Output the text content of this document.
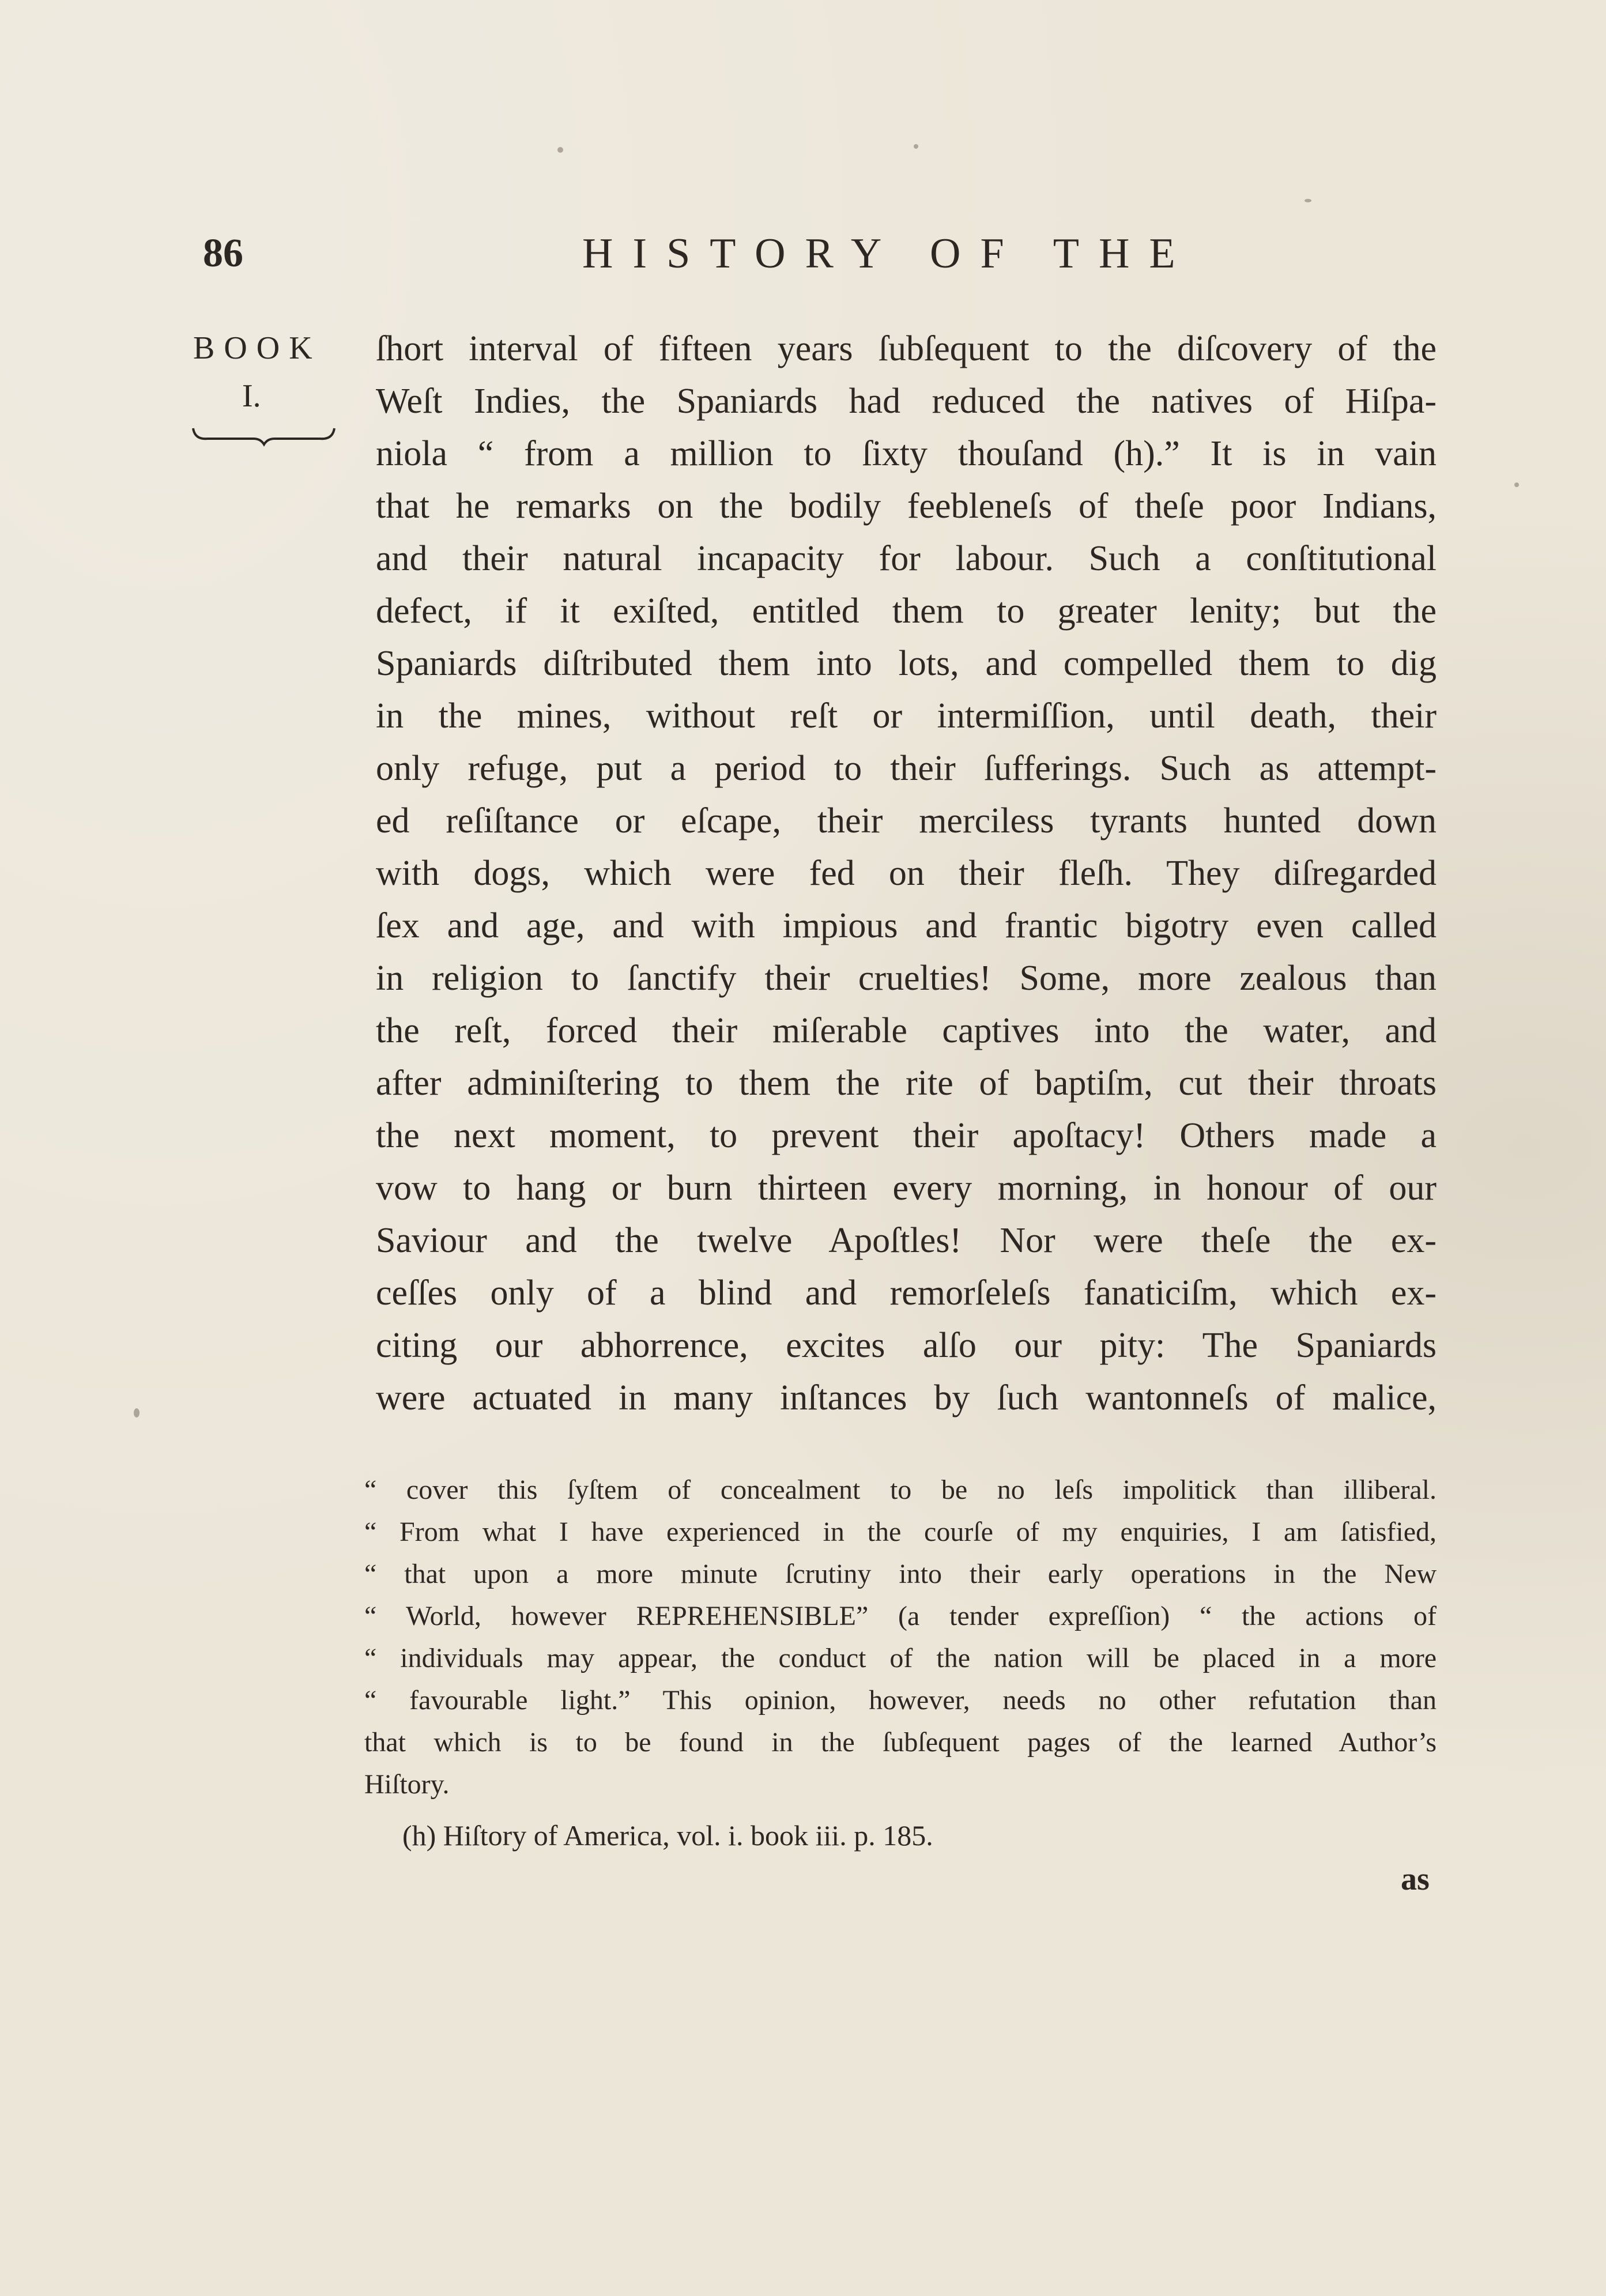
86	HISTORY OF THE
BOOK
I.
ſhort interval of fifteen years ſubſequent to the diſcovery of the
Weſt Indies, the Spaniards had reduced the natives of Hiſpa-
niola “ from a million to ſixty thouſand (h).” It is in vain
that he remarks on the bodily feebleneſs of theſe poor Indians,
and their natural incapacity for labour. Such a conſtitutional
defect, if it exiſted, entitled them to greater lenity; but the
Spaniards diſtributed them into lots, and compelled them to dig
in the mines, without reſt or intermiſſion, until death, their
only refuge, put a period to their ſufferings. Such as attempt-
ed reſiſtance or eſcape, their merciless tyrants hunted down
with dogs, which were fed on their fleſh. They diſregarded
ſex and age, and with impious and frantic bigotry even called
in religion to ſanctify their cruelties! Some, more zealous than
the reſt, forced their miſerable captives into the water, and
after adminiſtering to them the rite of baptiſm, cut their throats
the next moment, to prevent their apoſtacy! Others made a
vow to hang or burn thirteen every morning, in honour of our
Saviour and the twelve Apoſtles! Nor were theſe the ex-
ceſſes only of a blind and remorſeleſs fanaticiſm, which ex-
citing our abhorrence, excites alſo our pity: The Spaniards
were actuated in many inſtances by ſuch wantonneſs of malice,
“ cover this ſyſtem of concealment to be no leſs impolitick than illiberal.
“ From what I have experienced in the courſe of my enquiries, I am ſatisfied,
“ that upon a more minute ſcrutiny into their early operations in the New
“ World, however REPREHENSIBLE” (a tender expreſſion) “ the actions of
“ individuals may appear, the conduct of the nation will be placed in a more
“ favourable light.” This opinion, however, needs no other refutation than
that which is to be found in the ſubſequent pages of the learned Author’s
Hiſtory.
(h) Hiſtory of America, vol. i. book iii. p. 185.
as
